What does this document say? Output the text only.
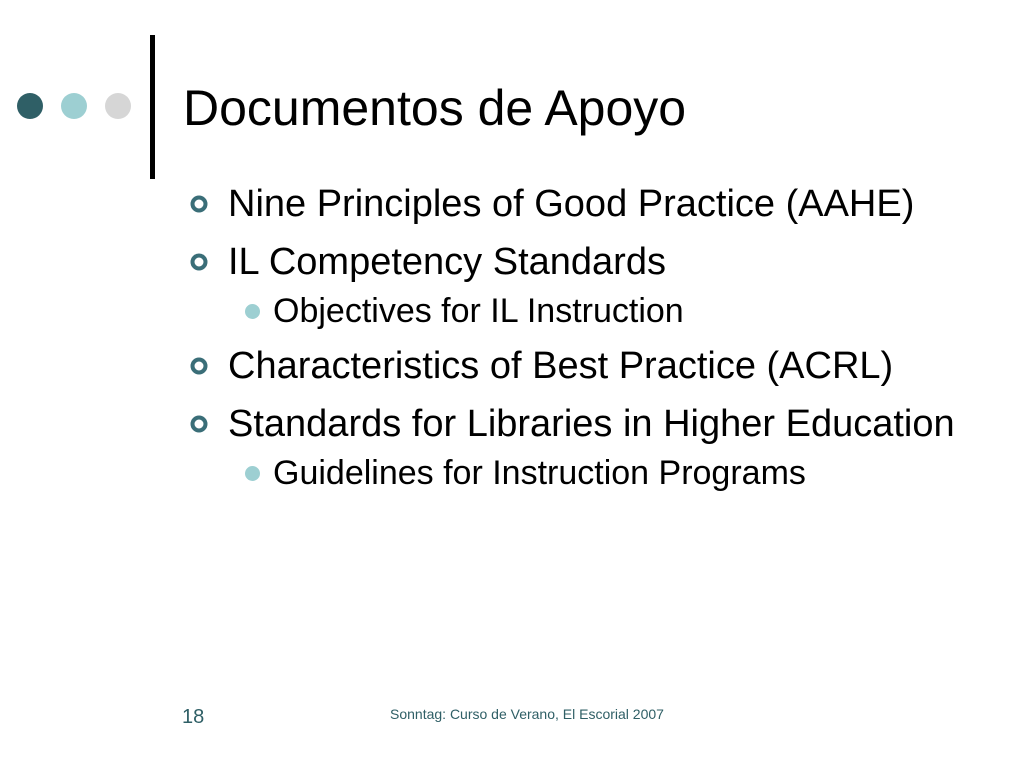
Documentos de Apoyo
Nine Principles of Good Practice (AAHE)
IL Competency Standards
Objectives for IL Instruction
Characteristics of Best Practice (ACRL)
Standards for Libraries in Higher Education
Guidelines for Instruction Programs
18	Sonntag: Curso de Verano, El Escorial 2007
